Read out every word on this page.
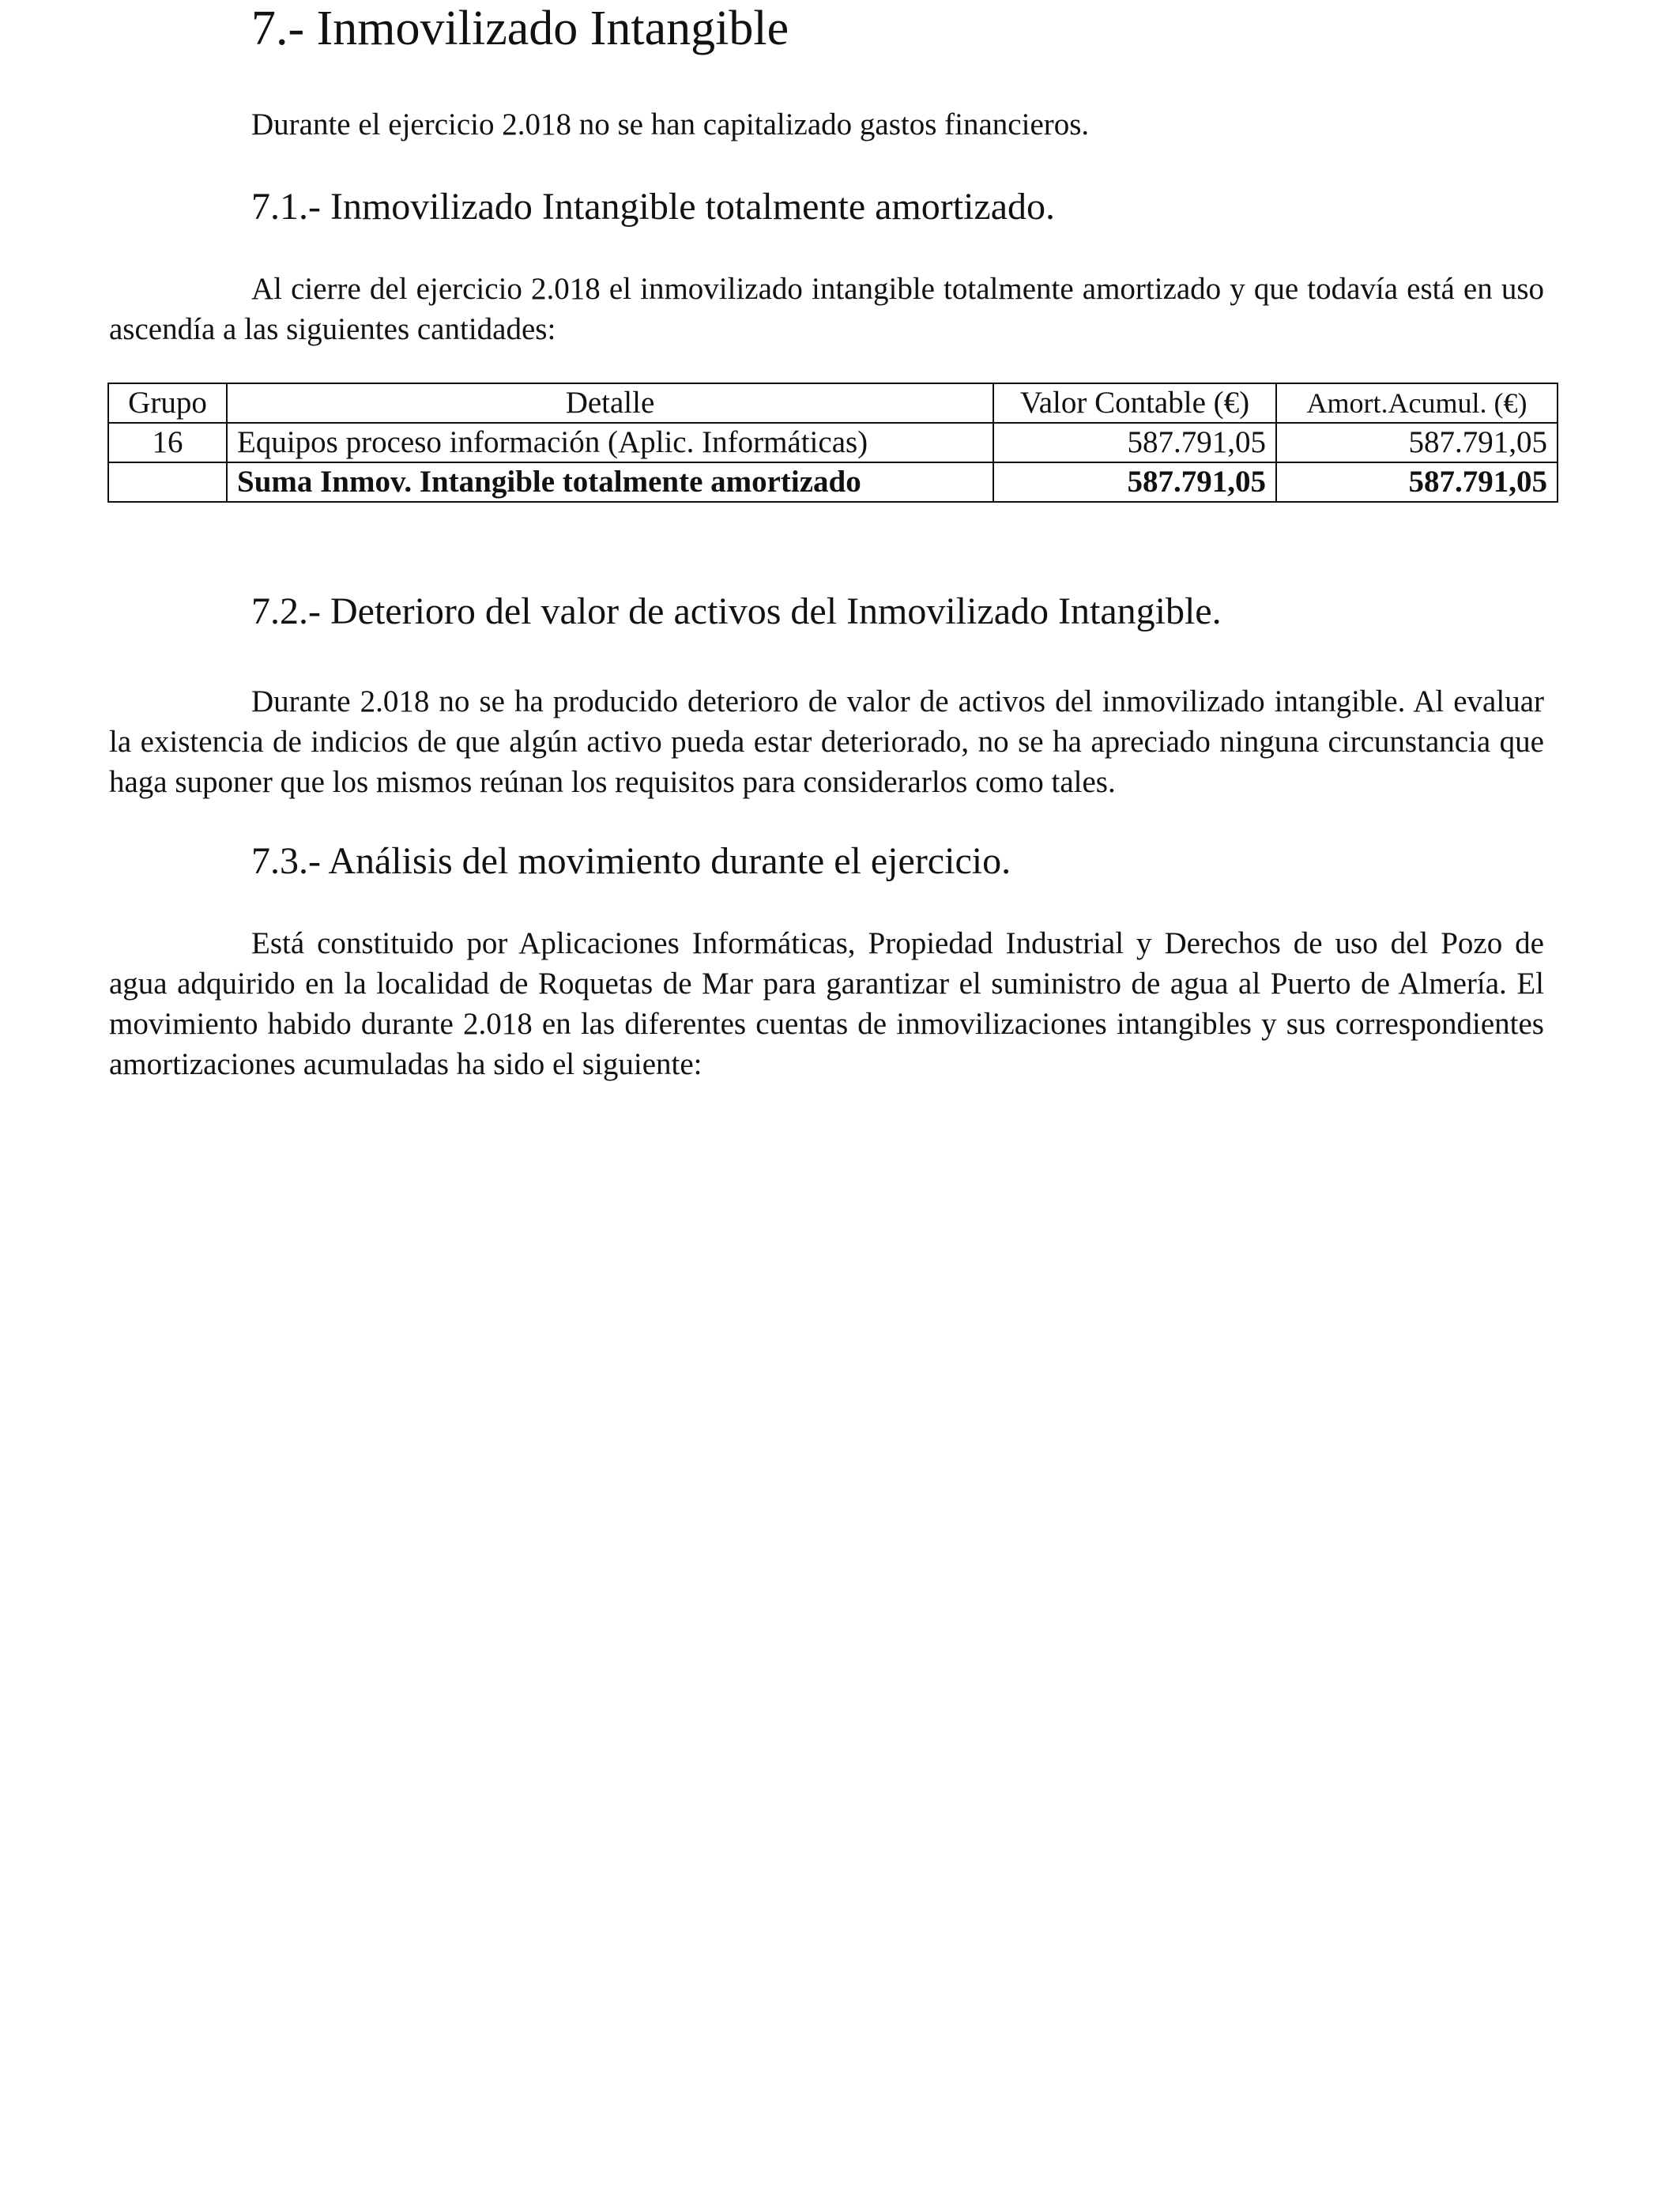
7.- Inmovilizado Intangible
Durante el ejercicio 2.018 no se han capitalizado gastos financieros.
7.1.- Inmovilizado Intangible totalmente amortizado.
Al cierre del ejercicio 2.018 el inmovilizado intangible totalmente amortizado y que todavía está en uso ascendía a las siguientes cantidades:
Grupo	Detalle	Valor Contable (€)	Amort.Acumul. (€)
16	Equipos proceso información (Aplic. Informáticas)	587.791,05	587.791,05
	Suma Inmov. Intangible totalmente amortizado	587.791,05	587.791,05
7.2.- Deterioro del valor de activos del Inmovilizado Intangible.
Durante 2.018 no se ha producido deterioro de valor de activos del inmovilizado intangible. Al evaluar la existencia de indicios de que algún activo pueda estar deteriorado, no se ha apreciado ninguna circunstancia que haga suponer que los mismos reúnan los requisitos para considerarlos como tales.
7.3.- Análisis del movimiento durante el ejercicio.
Está constituido por Aplicaciones Informáticas, Propiedad Industrial y Derechos de uso del Pozo de agua adquirido en la localidad de Roquetas de Mar para garantizar el suministro de agua al Puerto de Almería. El movimiento habido durante 2.018 en las diferentes cuentas de inmovilizaciones intangibles y sus correspondientes amortizaciones acumuladas ha sido el siguiente:
